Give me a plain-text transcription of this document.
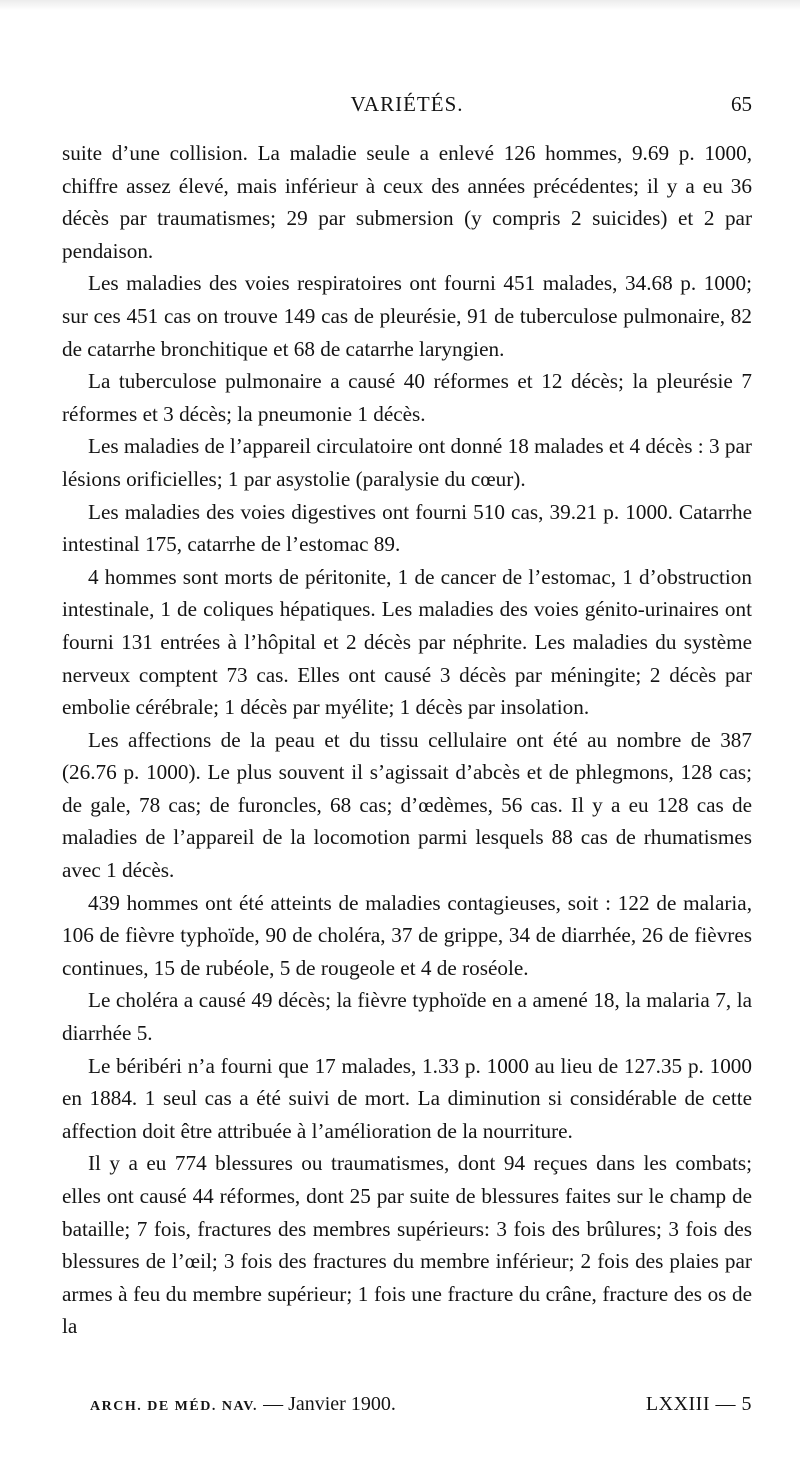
VARIÉTÉS.	65

suite d’une collision. La maladie seule a enlevé 126 hommes, 9.69 p. 1000, chiffre assez élevé, mais inférieur à ceux des années précédentes; il y a eu 36 décès par traumatismes; 29 par submersion (y compris 2 suicides) et 2 par pendaison.

Les maladies des voies respiratoires ont fourni 451 malades, 34.68 p. 1000; sur ces 451 cas on trouve 149 cas de pleurésie, 91 de tuberculose pulmonaire, 82 de catarrhe bronchitique et 68 de catarrhe laryngien.

La tuberculose pulmonaire a causé 40 réformes et 12 décès; la pleurésie 7 réformes et 3 décès; la pneumonie 1 décès.

Les maladies de l’appareil circulatoire ont donné 18 malades et 4 décès : 3 par lésions orificielles; 1 par asystolie (paralysie du cœur).

Les maladies des voies digestives ont fourni 510 cas, 39.21 p. 1000. Catarrhe intestinal 175, catarrhe de l’estomac 89.

4 hommes sont morts de péritonite, 1 de cancer de l’estomac, 1 d’obstruction intestinale, 1 de coliques hépatiques. Les maladies des voies génito-urinaires ont fourni 131 entrées à l’hôpital et 2 décès par néphrite. Les maladies du système nerveux comptent 73 cas. Elles ont causé 3 décès par méningite; 2 décès par embolie cérébrale; 1 décès par myélite; 1 décès par insolation.

Les affections de la peau et du tissu cellulaire ont été au nombre de 387 (26.76 p. 1000). Le plus souvent il s’agissait d’abcès et de phlegmons, 128 cas; de gale, 78 cas; de furoncles, 68 cas; d’œdèmes, 56 cas. Il y a eu 128 cas de maladies de l’appareil de la locomotion parmi lesquels 88 cas de rhumatismes avec 1 décès.

439 hommes ont été atteints de maladies contagieuses, soit : 122 de malaria, 106 de fièvre typhoïde, 90 de choléra, 37 de grippe, 34 de diarrhée, 26 de fièvres continues, 15 de rubéole, 5 de rougeole et 4 de roséole.

Le choléra a causé 49 décès; la fièvre typhoïde en a amené 18, la malaria 7, la diarrhée 5.

Le béribéri n’a fourni que 17 malades, 1.33 p. 1000 au lieu de 127.35 p. 1000 en 1884. 1 seul cas a été suivi de mort. La diminution si considérable de cette affection doit être attribuée à l’amélioration de la nourriture.

Il y a eu 774 blessures ou traumatismes, dont 94 reçues dans les combats; elles ont causé 44 réformes, dont 25 par suite de blessures faites sur le champ de bataille; 7 fois, fractures des membres supérieurs: 3 fois des brûlures; 3 fois des blessures de l’œil; 3 fois des fractures du membre inférieur; 2 fois des plaies par armes à feu du membre supérieur; 1 fois une fracture du crâne, fracture des os de la

ARCH. DE MÉD. NAV. — Janvier 1900.	LXXIII — 5
